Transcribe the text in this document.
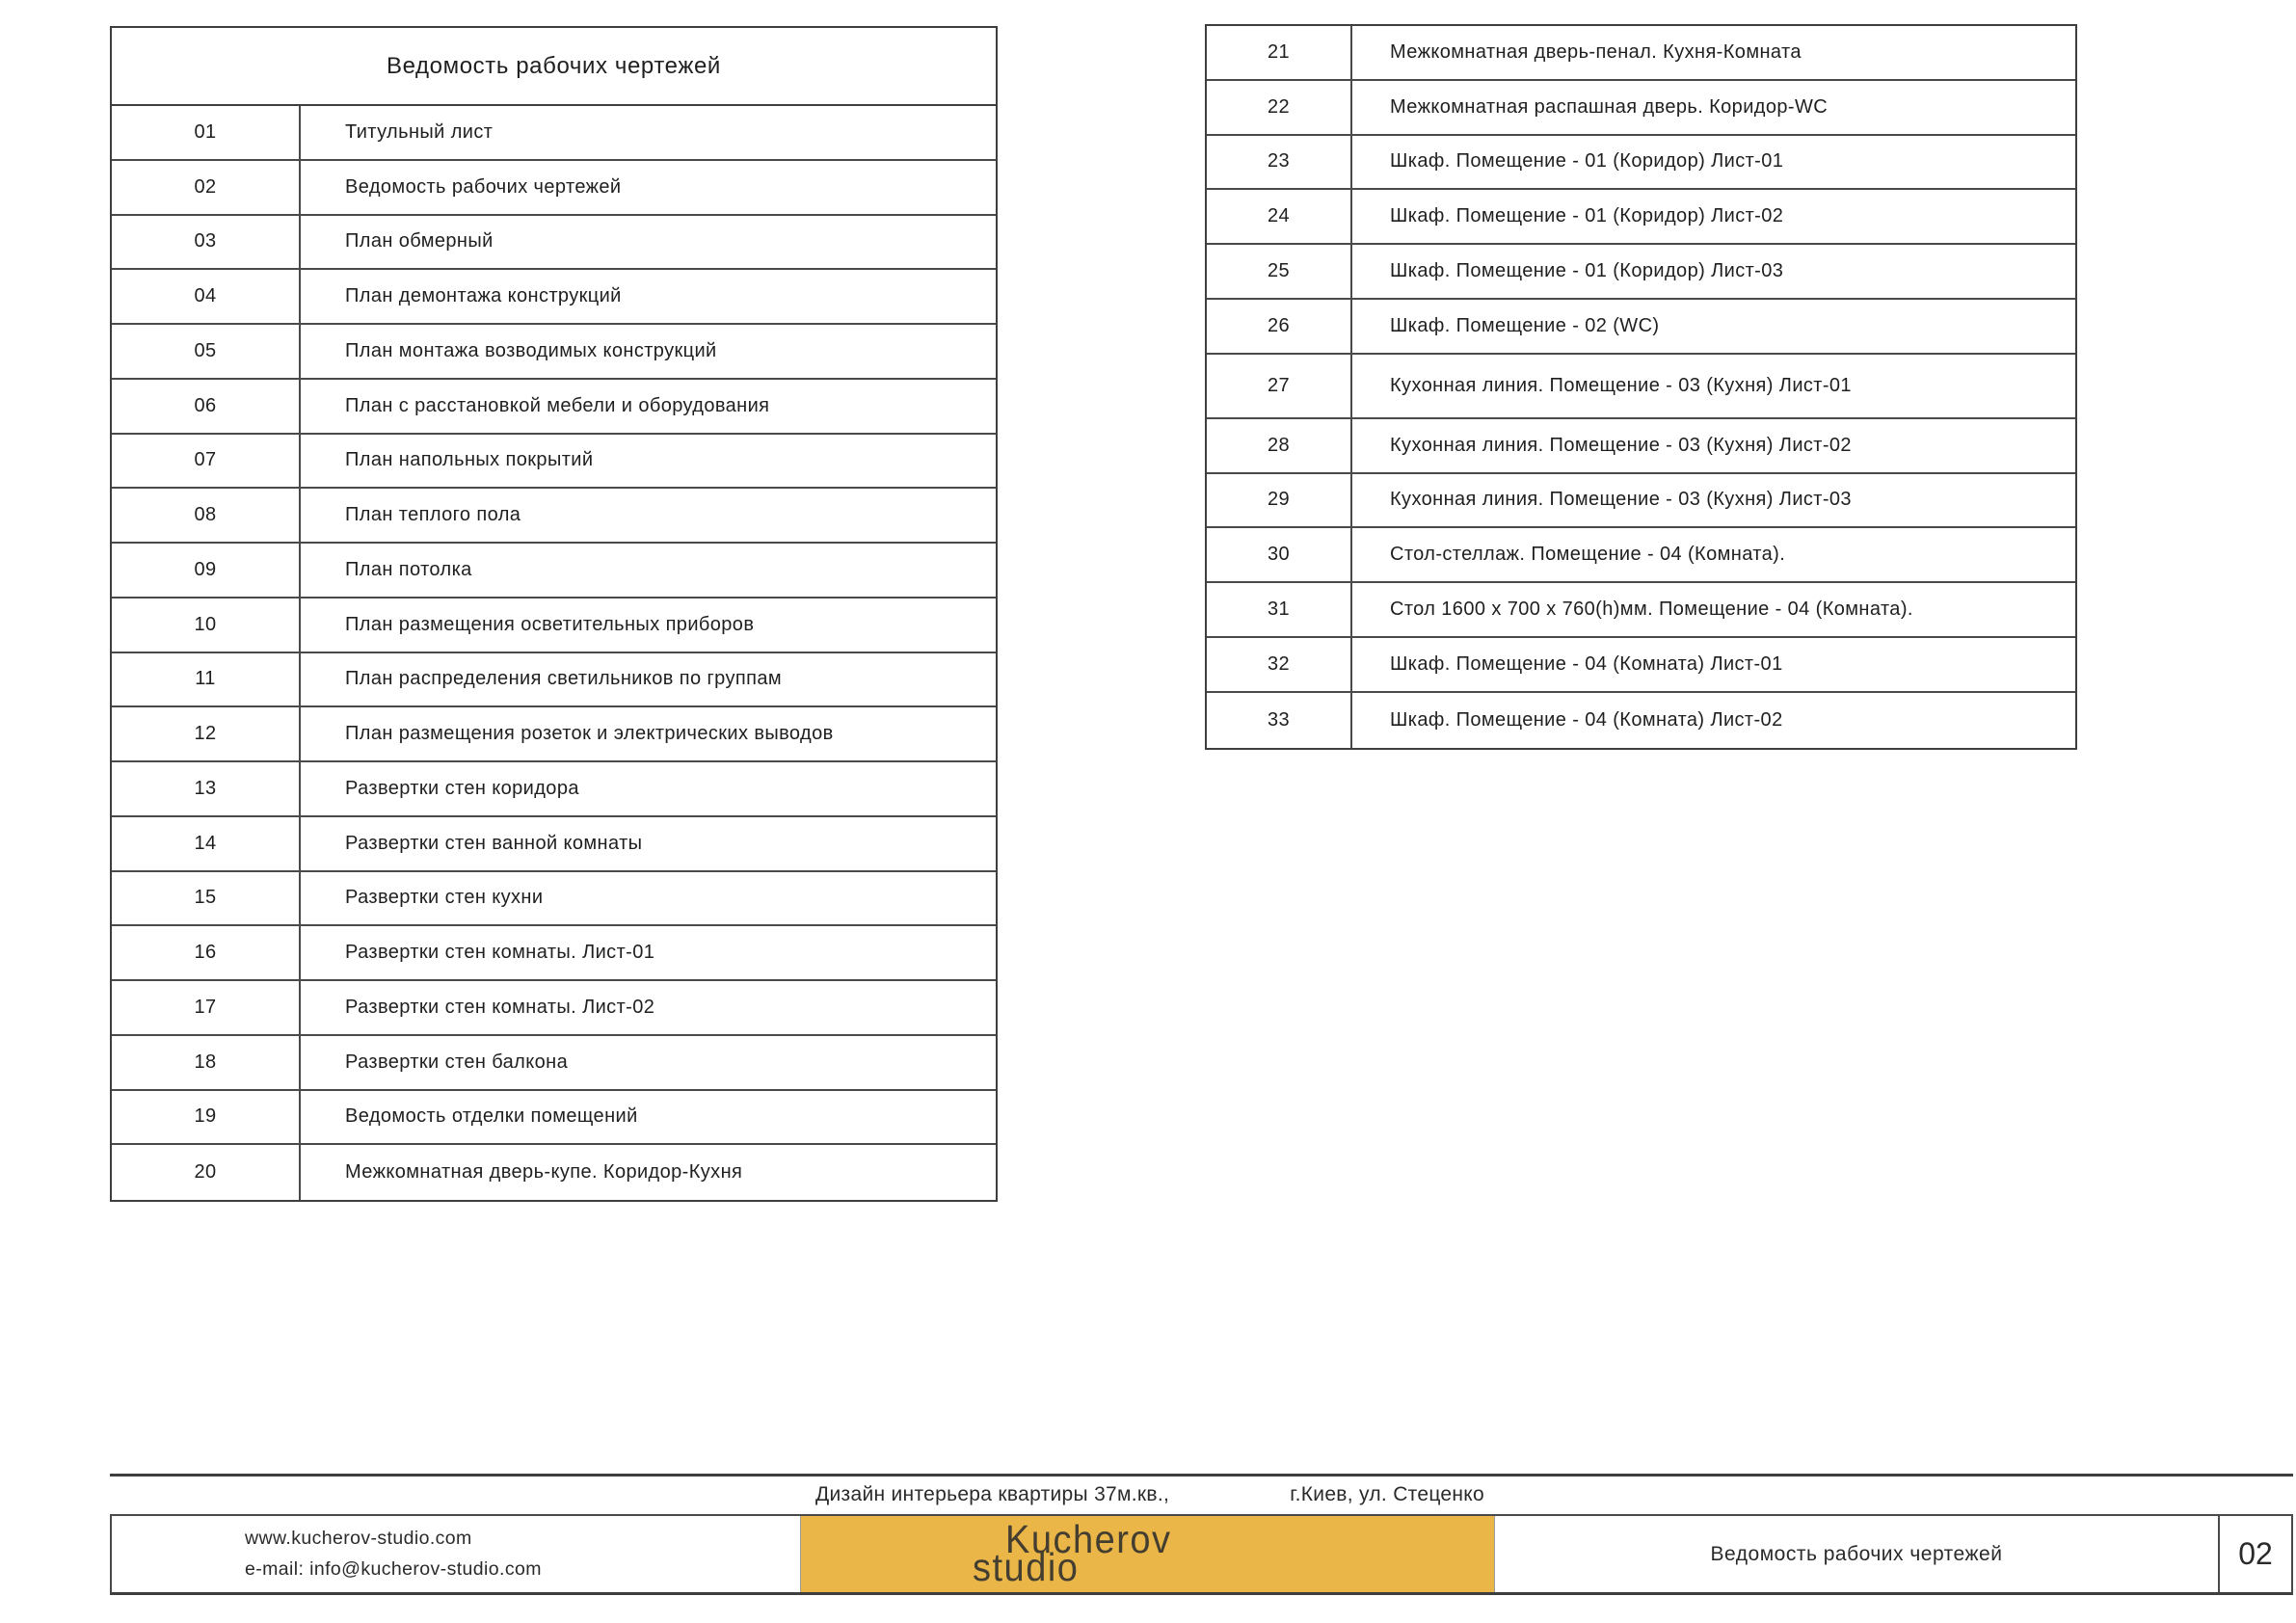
Ведомость рабочих чертежей
01	Титульный лист
02	Ведомость рабочих чертежей
03	План обмерный
04	План демонтажа конструкций
05	План монтажа возводимых конструкций
06	План с расстановкой мебели и оборудования
07	План напольных покрытий
08	План теплого пола
09	План потолка
10	План размещения осветительных приборов
11	План распределения светильников по группам
12	План размещения розеток и электрических выводов
13	Развертки стен коридора
14	Развертки стен ванной комнаты
15	Развертки стен кухни
16	Развертки стен комнаты. Лист-01
17	Развертки стен комнаты. Лист-02
18	Развертки стен балкона
19	Ведомость отделки помещений
20	Межкомнатная дверь-купе. Коридор-Кухня
21	Межкомнатная дверь-пенал. Кухня-Комната
22	Межкомнатная распашная дверь. Коридор-WC
23	Шкаф. Помещение - 01 (Коридор) Лист-01
24	Шкаф. Помещение - 01 (Коридор) Лист-02
25	Шкаф. Помещение - 01 (Коридор) Лист-03
26	Шкаф. Помещение - 02 (WC)
27	Кухонная линия. Помещение - 03 (Кухня) Лист-01
28	Кухонная линия. Помещение - 03 (Кухня) Лист-02
29	Кухонная линия. Помещение - 03 (Кухня) Лист-03
30	Стол-стеллаж. Помещение - 04 (Комната).
31	Стол 1600 x 700 x 760(h)мм. Помещение - 04 (Комната).
32	Шкаф. Помещение - 04 (Комната) Лист-01
33	Шкаф. Помещение - 04 (Комната) Лист-02
Дизайн интерьера квартиры 37м.кв.,	г.Киев, ул. Стеценко
www.kucherov-studio.com
e-mail: info@kucherov-studio.com
Kucherov
studio	Ведомость рабочих чертежей	02
